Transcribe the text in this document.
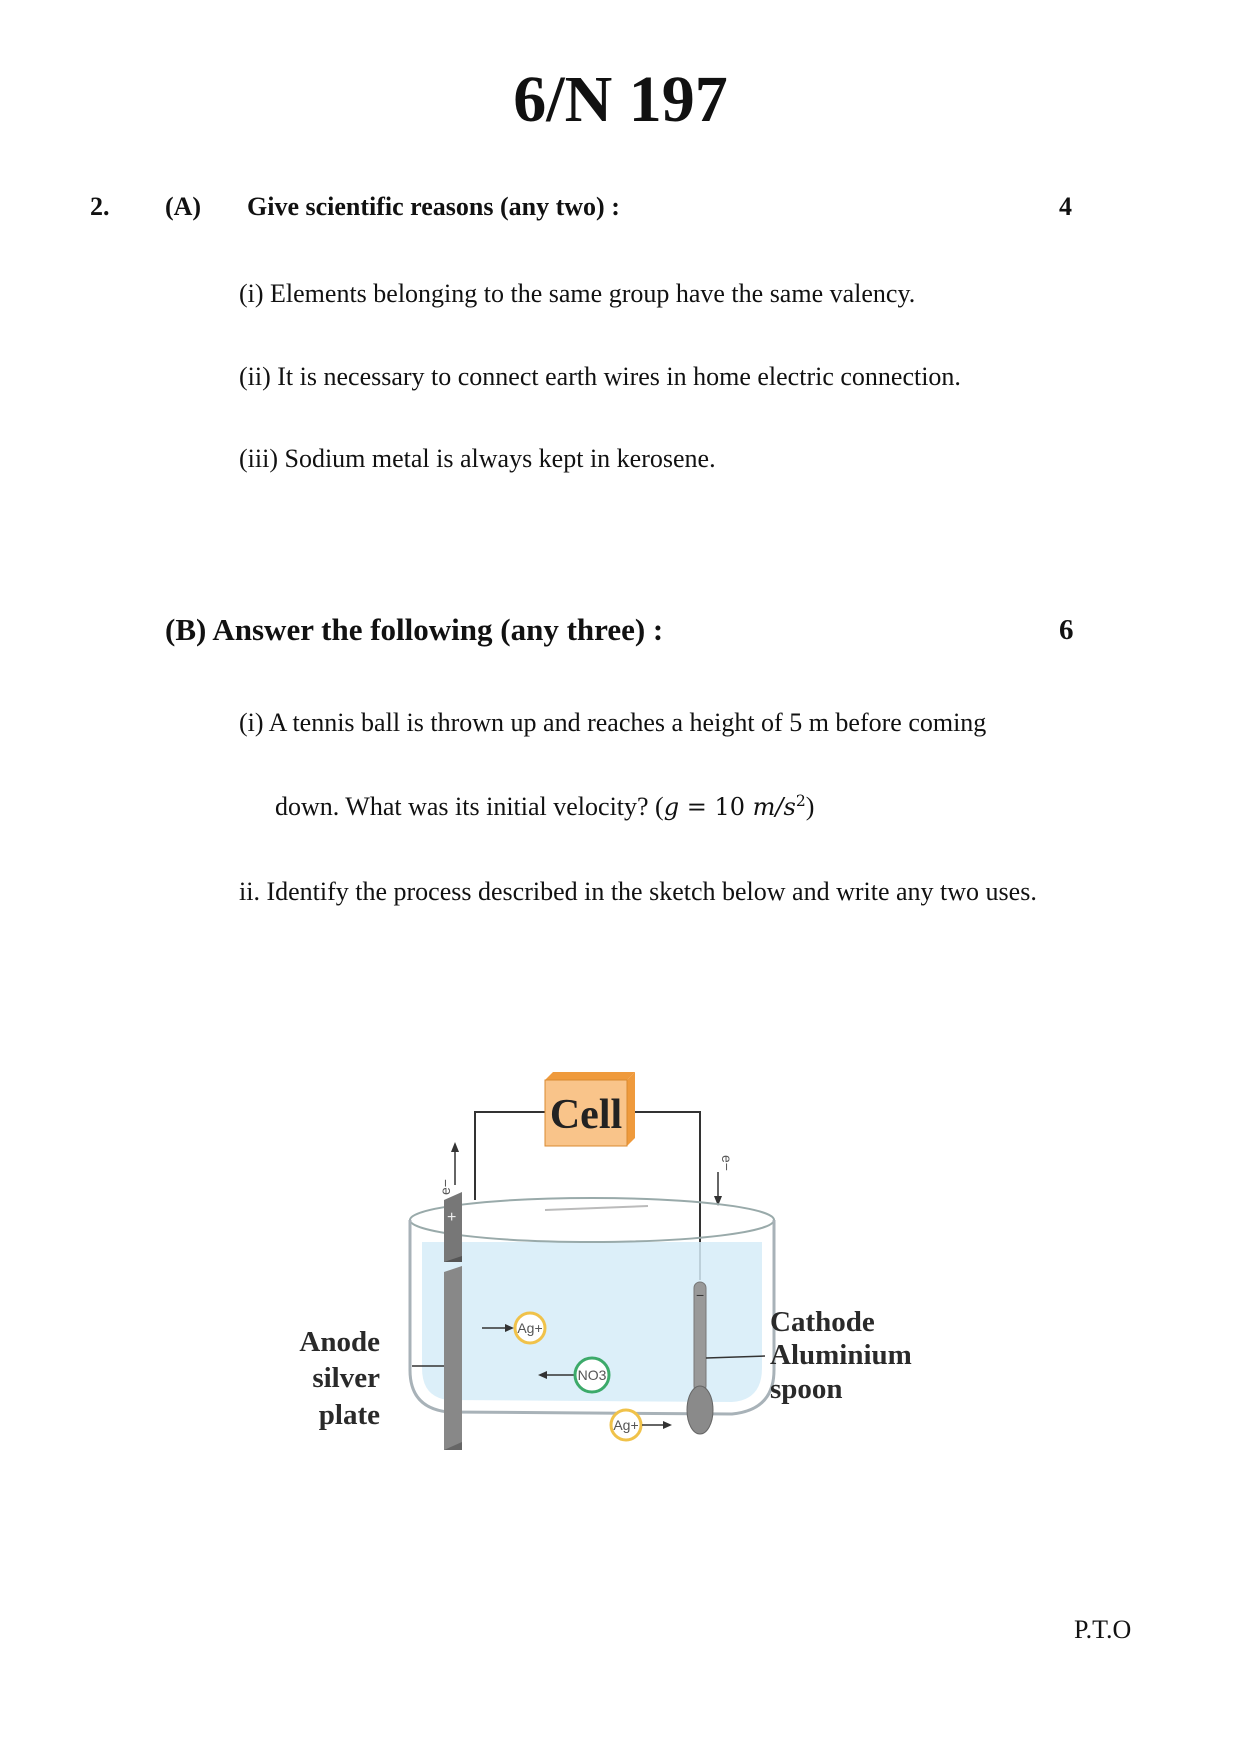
6/N 197
2. (A) Give scientific reasons (any two) :	4
(i) Elements belonging to the same group have the same valency.
(ii) It is necessary to connect earth wires in home electric connection.
(iii) Sodium metal is always kept in kerosene.
(B) Answer the following (any three) :	6
(i) A tennis ball is thrown up and reaches a height of 5 m before coming
down. What was its initial velocity? (g = 10 $m/s^2$)
ii. Identify the process described in the sketch below and write any two uses.
Cell
e−
e−
+
−
Ag+
NO3
Ag+
Anode
silver
plate
Cathode
Aluminium
spoon
P.T.O
